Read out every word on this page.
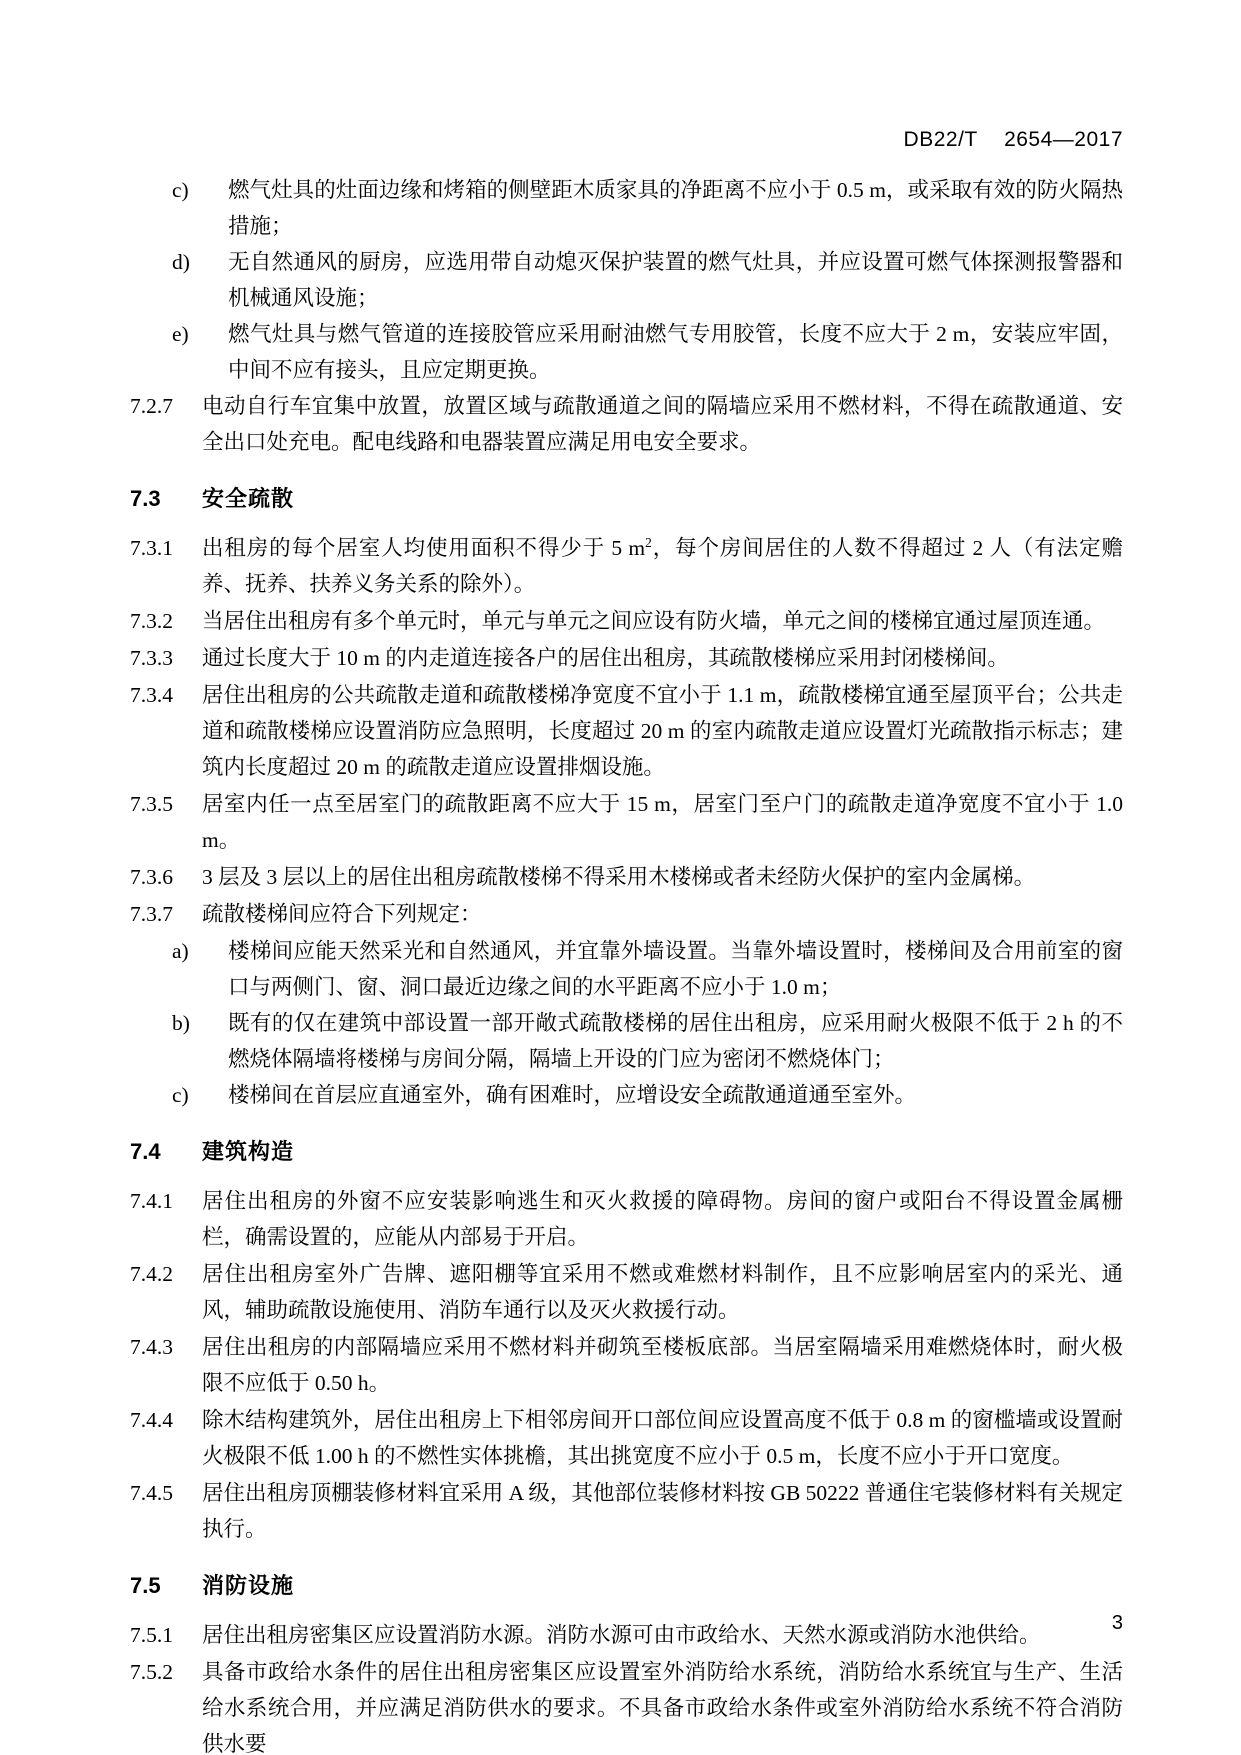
DB22/T 2654—2017
c)	燃气灶具的灶面边缘和烤箱的侧壁距木质家具的净距离不应小于 0.5 m，或采取有效的防火隔热措施；
d)	无自然通风的厨房，应选用带自动熄灭保护装置的燃气灶具，并应设置可燃气体探测报警器和机械通风设施；
e)	燃气灶具与燃气管道的连接胶管应采用耐油燃气专用胶管，长度不应大于 2 m，安装应牢固，中间不应有接头，且应定期更换。
7.2.7	电动自行车宜集中放置，放置区域与疏散通道之间的隔墙应采用不燃材料，不得在疏散通道、安全出口处充电。配电线路和电器装置应满足用电安全要求。
7.3	安全疏散
7.3.1	出租房的每个居室人均使用面积不得少于 5 $m^2$，每个房间居住的人数不得超过 2 人（有法定赡养、抚养、扶养义务关系的除外）。
7.3.2	当居住出租房有多个单元时，单元与单元之间应设有防火墙，单元之间的楼梯宜通过屋顶连通。
7.3.3	通过长度大于 10 m 的内走道连接各户的居住出租房，其疏散楼梯应采用封闭楼梯间。
7.3.4	居住出租房的公共疏散走道和疏散楼梯净宽度不宜小于 1.1 m，疏散楼梯宜通至屋顶平台；公共走道和疏散楼梯应设置消防应急照明，长度超过 20 m 的室内疏散走道应设置灯光疏散指示标志；建筑内长度超过 20 m 的疏散走道应设置排烟设施。
7.3.5	居室内任一点至居室门的疏散距离不应大于 15 m，居室门至户门的疏散走道净宽度不宜小于 1.0 m。
7.3.6	3 层及 3 层以上的居住出租房疏散楼梯不得采用木楼梯或者未经防火保护的室内金属梯。
7.3.7	疏散楼梯间应符合下列规定：
a)	楼梯间应能天然采光和自然通风，并宜靠外墙设置。当靠外墙设置时，楼梯间及合用前室的窗口与两侧门、窗、洞口最近边缘之间的水平距离不应小于 1.0 m；
b)	既有的仅在建筑中部设置一部开敞式疏散楼梯的居住出租房，应采用耐火极限不低于 2 h 的不燃烧体隔墙将楼梯与房间分隔，隔墙上开设的门应为密闭不燃烧体门；
c)	楼梯间在首层应直通室外，确有困难时，应增设安全疏散通道通至室外。
7.4	建筑构造
7.4.1	居住出租房的外窗不应安装影响逃生和灭火救援的障碍物。房间的窗户或阳台不得设置金属栅栏，确需设置的，应能从内部易于开启。
7.4.2	居住出租房室外广告牌、遮阳棚等宜采用不燃或难燃材料制作，且不应影响居室内的采光、通风，辅助疏散设施使用、消防车通行以及灭火救援行动。
7.4.3	居住出租房的内部隔墙应采用不燃材料并砌筑至楼板底部。当居室隔墙采用难燃烧体时，耐火极限不应低于 0.50 h。
7.4.4	除木结构建筑外，居住出租房上下相邻房间开口部位间应设置高度不低于 0.8 m 的窗槛墙或设置耐火极限不低 1.00 h 的不燃性实体挑檐，其出挑宽度不应小于 0.5 m，长度不应小于开口宽度。
7.4.5	居住出租房顶棚装修材料宜采用 A 级，其他部位装修材料按 GB 50222 普通住宅装修材料有关规定执行。
7.5	消防设施
7.5.1	居住出租房密集区应设置消防水源。消防水源可由市政给水、天然水源或消防水池供给。
7.5.2	具备市政给水条件的居住出租房密集区应设置室外消防给水系统，消防给水系统宜与生产、生活给水系统合用，并应满足消防供水的要求。不具备市政给水条件或室外消防给水系统不符合消防供水要
3
